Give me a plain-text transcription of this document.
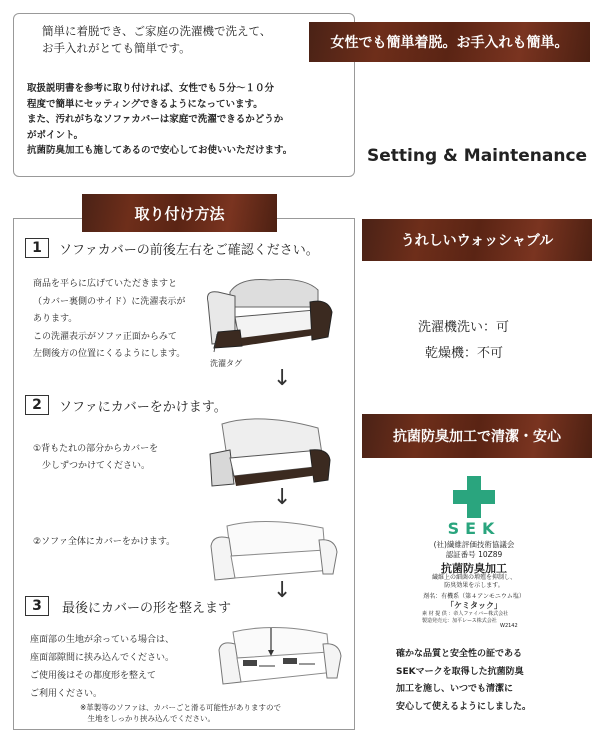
簡単に着脱でき、ご家庭の洗濯機で洗えて、
お手入れがとても簡単です。
取扱説明書を参考に取り付ければ、女性でも５分～１０分
程度で簡単にセッティングできるようになっています。
また、汚れがちなソファカバーは家庭で洗濯できるかどうか
がポイント。
抗菌防臭加工も施してあるので安心してお使いいただけます。
女性でも簡単着脱。お手入れも簡単。
Setting & Maintenance
取り付け方法
1	ソファカバーの前後左右をご確認ください。
商品を平らに広げていただきますと
（カバー裏側のサイド）に洗濯表示が
あります。
この洗濯表示がソファ正面からみて
左側後方の位置にくるようにします。
洗濯タグ
↓
2	ソファにカバーをかけます。
①背もたれの部分からカバーを
　少しずつかけてください。
↓
②ソファ全体にカバーをかけます。
↓
3	最後にカバーの形を整えます
座面部の生地が余っている場合は、
座面部隙間に挟み込んでください。
ご使用後はその都度形を整えて
ご利用ください。
※革製等のソファは、カバーごと滑る可能性がありますので
　生地をしっかり挟み込んでください。
うれしいウォッシャブル
洗濯機洗い：可
乾燥機：不可
抗菌防臭加工で清潔・安心
SEK
(社)繊維評価技術協議会
認証番号 10Z89
抗菌防臭加工
繊維上の細菌の増殖を抑制し、
防臭効果を示します。
剤名：有機系（第４アンモニウム塩）
「ケミタック」
素 材 提 供 ：帝人ファイバー株式会社
製造発売元：加平レース株式会社
W2142
確かな品質と安全性の証である
SEKマークを取得した抗菌防臭
加工を施し、いつでも清潔に
安心して使えるようにしました。
